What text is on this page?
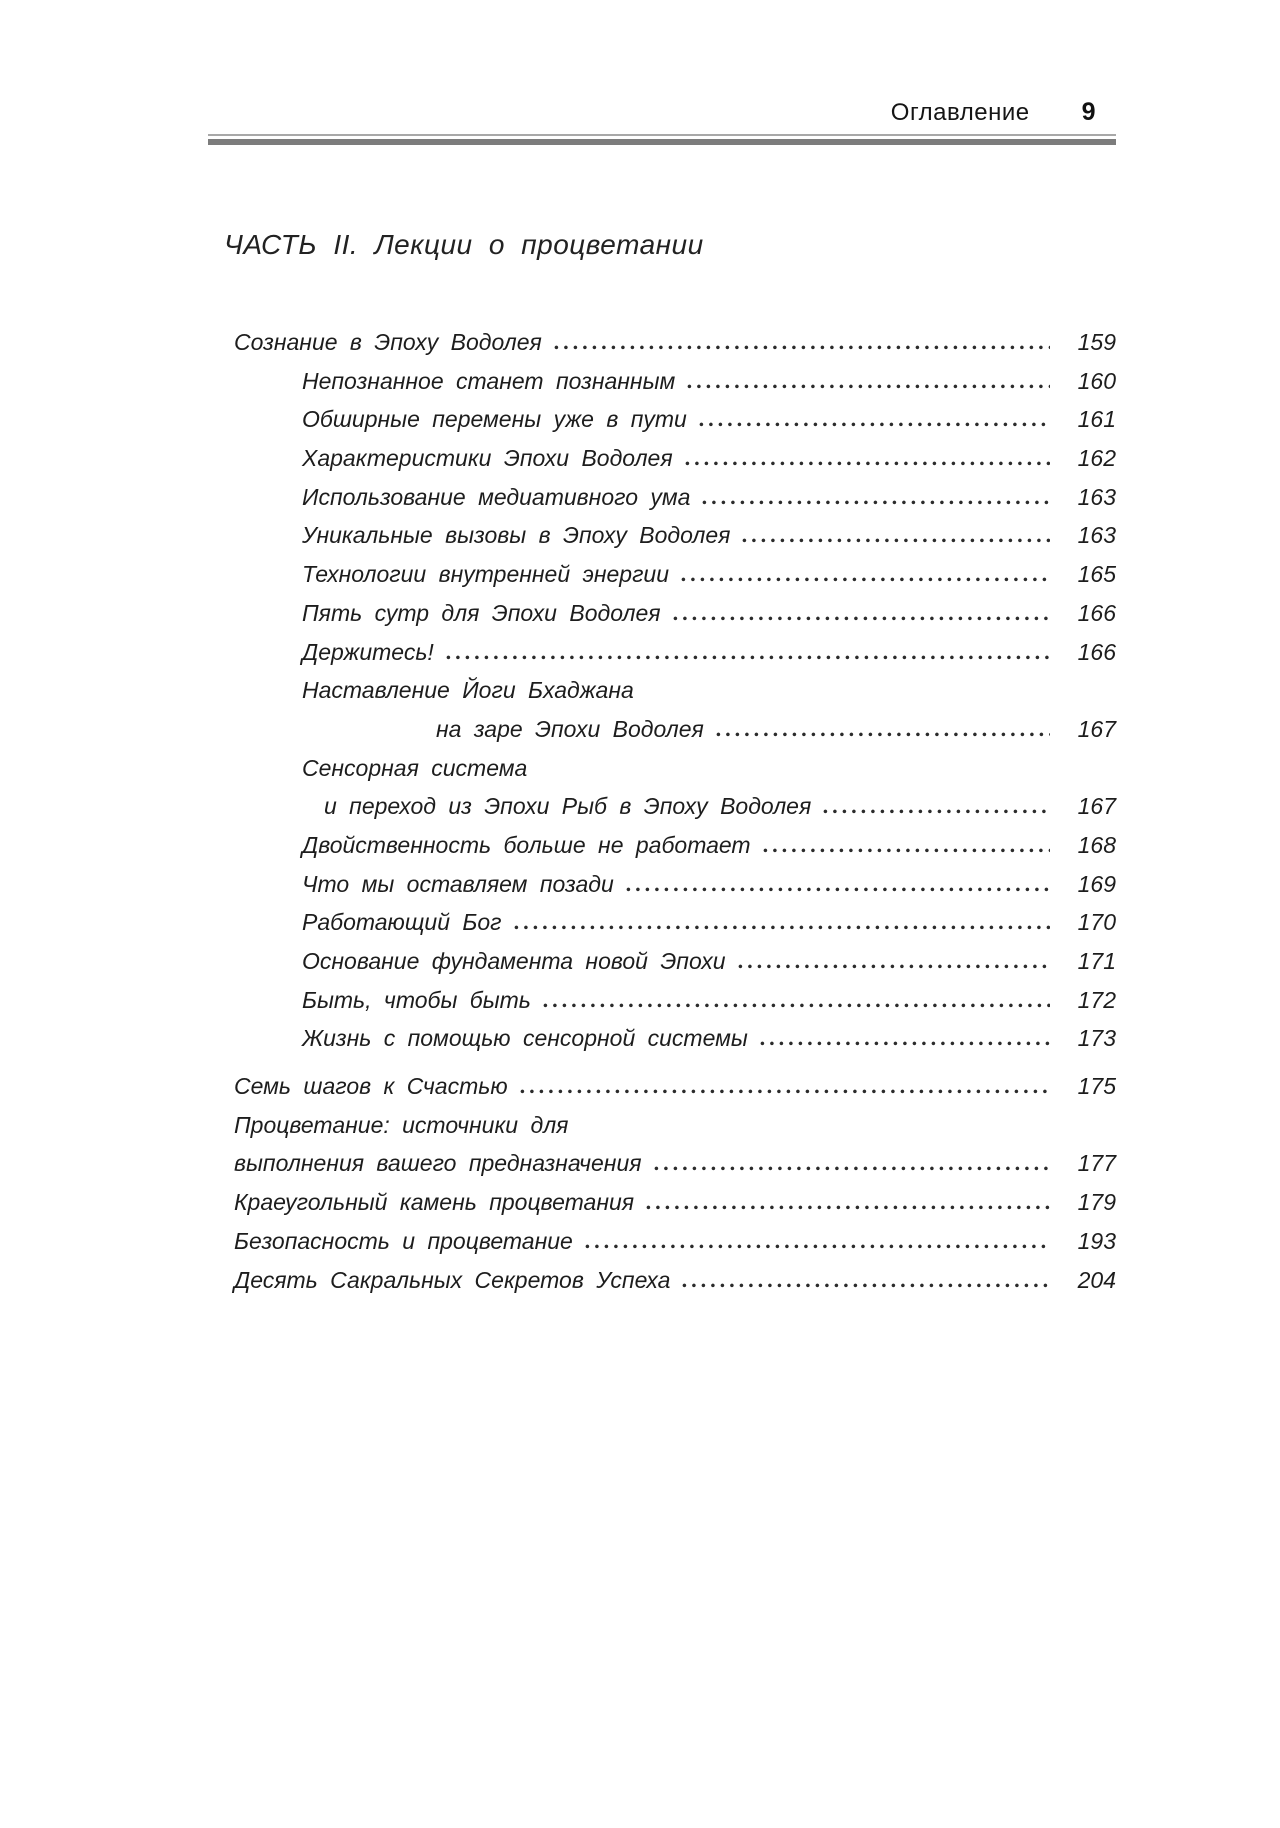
Оглавление 9
ЧАСТЬ II. Лекции о процветании
Сознание в Эпоху Водолея	159
Непознанное станет познанным	160
Обширные перемены уже в пути	161
Характеристики Эпохи Водолея	162
Использование медиативного ума	163
Уникальные вызовы в Эпоху Водолея	163
Технологии внутренней энергии	165
Пять сутр для Эпохи Водолея	166
Держитесь!	166
Наставление Йоги Бхаджана
на заре Эпохи Водолея	167
Сенсорная система
и переход из Эпохи Рыб в Эпоху Водолея	167
Двойственность больше не работает	168
Что мы оставляем позади	169
Работающий Бог	170
Основание фундамента новой Эпохи	171
Быть, чтобы быть	172
Жизнь с помощью сенсорной системы	173
Семь шагов к Счастью	175
Процветание: источники для
выполнения вашего предназначения	177
Краеугольный камень процветания	179
Безопасность и процветание	193
Десять Сакральных Секретов Успеха	204
